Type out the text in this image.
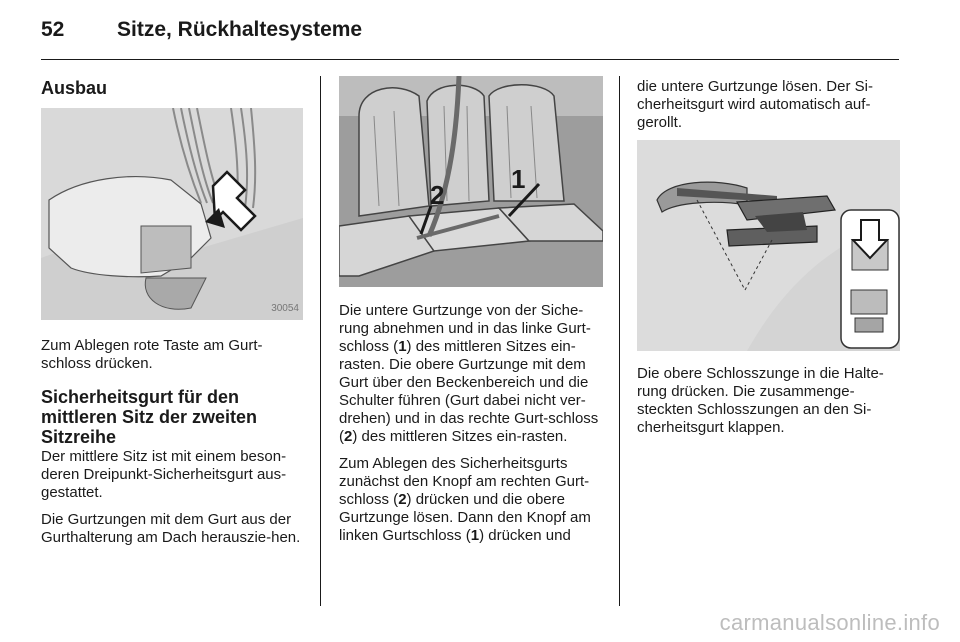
52	Sitze, Rückhaltesysteme
Ausbau
30054

Zum Ablegen rote Taste am Gurt-schloss drücken.

Sicherheitsgurt für den mittleren Sitz der zweiten Sitzreihe

Der mittlere Sitz ist mit einem beson-deren Dreipunkt-Sicherheitsgurt aus-gestattet.

Die Gurtzungen mit dem Gurt aus der Gurthalterung am Dach herauszie-hen.

1
2

Die untere Gurtzunge von der Siche-rung abnehmen und in das linke Gurt-schloss (1) des mittleren Sitzes ein-rasten. Die obere Gurtzunge mit dem Gurt über den Beckenbereich und die Schulter führen (Gurt dabei nicht ver-drehen) und in das rechte Gurt-schloss (2) des mittleren Sitzes ein-rasten.

Zum Ablegen des Sicherheitsgurts zunächst den Knopf am rechten Gurt-schloss (2) drücken und die obere Gurtzunge lösen. Dann den Knopf am linken Gurtschloss (1) drücken und

die untere Gurtzunge lösen. Der Si-cherheitsgurt wird automatisch auf-gerollt.

Die obere Schlosszunge in die Halte-rung drücken. Die zusammenge-steckten Schlosszungen an den Si-cherheitsgurt klappen.

carmanualsonline.info
